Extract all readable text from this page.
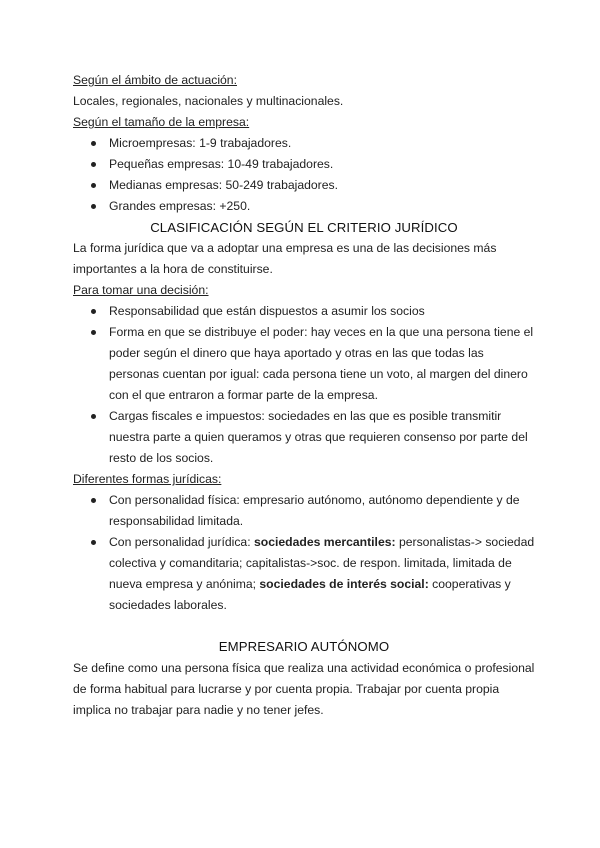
Según el ámbito de actuación:

Locales, regionales, nacionales y multinacionales.

Según el tamaño de la empresa:

Microempresas: 1-9 trabajadores.
Pequeñas empresas: 10-49 trabajadores.
Medianas empresas: 50-249 trabajadores.
Grandes empresas: +250.
CLASIFICACIÓN SEGÚN EL CRITERIO JURÍDICO

La forma jurídica que va a adoptar una empresa es una de las decisiones más importantes a la hora de constituirse.

Para tomar una decisión:

Responsabilidad que están dispuestos a asumir los socios
Forma en que se distribuye el poder: hay veces en la que una persona tiene el poder según el dinero que haya aportado y otras en las que todas las personas cuentan por igual: cada persona tiene un voto, al margen del dinero con el que entraron a formar parte de la empresa.
Cargas fiscales e impuestos: sociedades en las que es posible transmitir nuestra parte a quien queramos y otras que requieren consenso por parte del resto de los socios.

Diferentes formas jurídicas:

Con personalidad física: empresario autónomo, autónomo dependiente y de responsabilidad limitada.
Con personalidad jurídica: sociedades mercantiles: personalistas-> sociedad colectiva y comanditaria; capitalistas->soc. de respon. limitada, limitada de nueva empresa y anónima; sociedades de interés social: cooperativas y sociedades laborales.
EMPRESARIO AUTÓNOMO

Se define como una persona física que realiza una actividad económica o profesional de forma habitual para lucrarse y por cuenta propia. Trabajar por cuenta propia implica no trabajar para nadie y no tener jefes.
